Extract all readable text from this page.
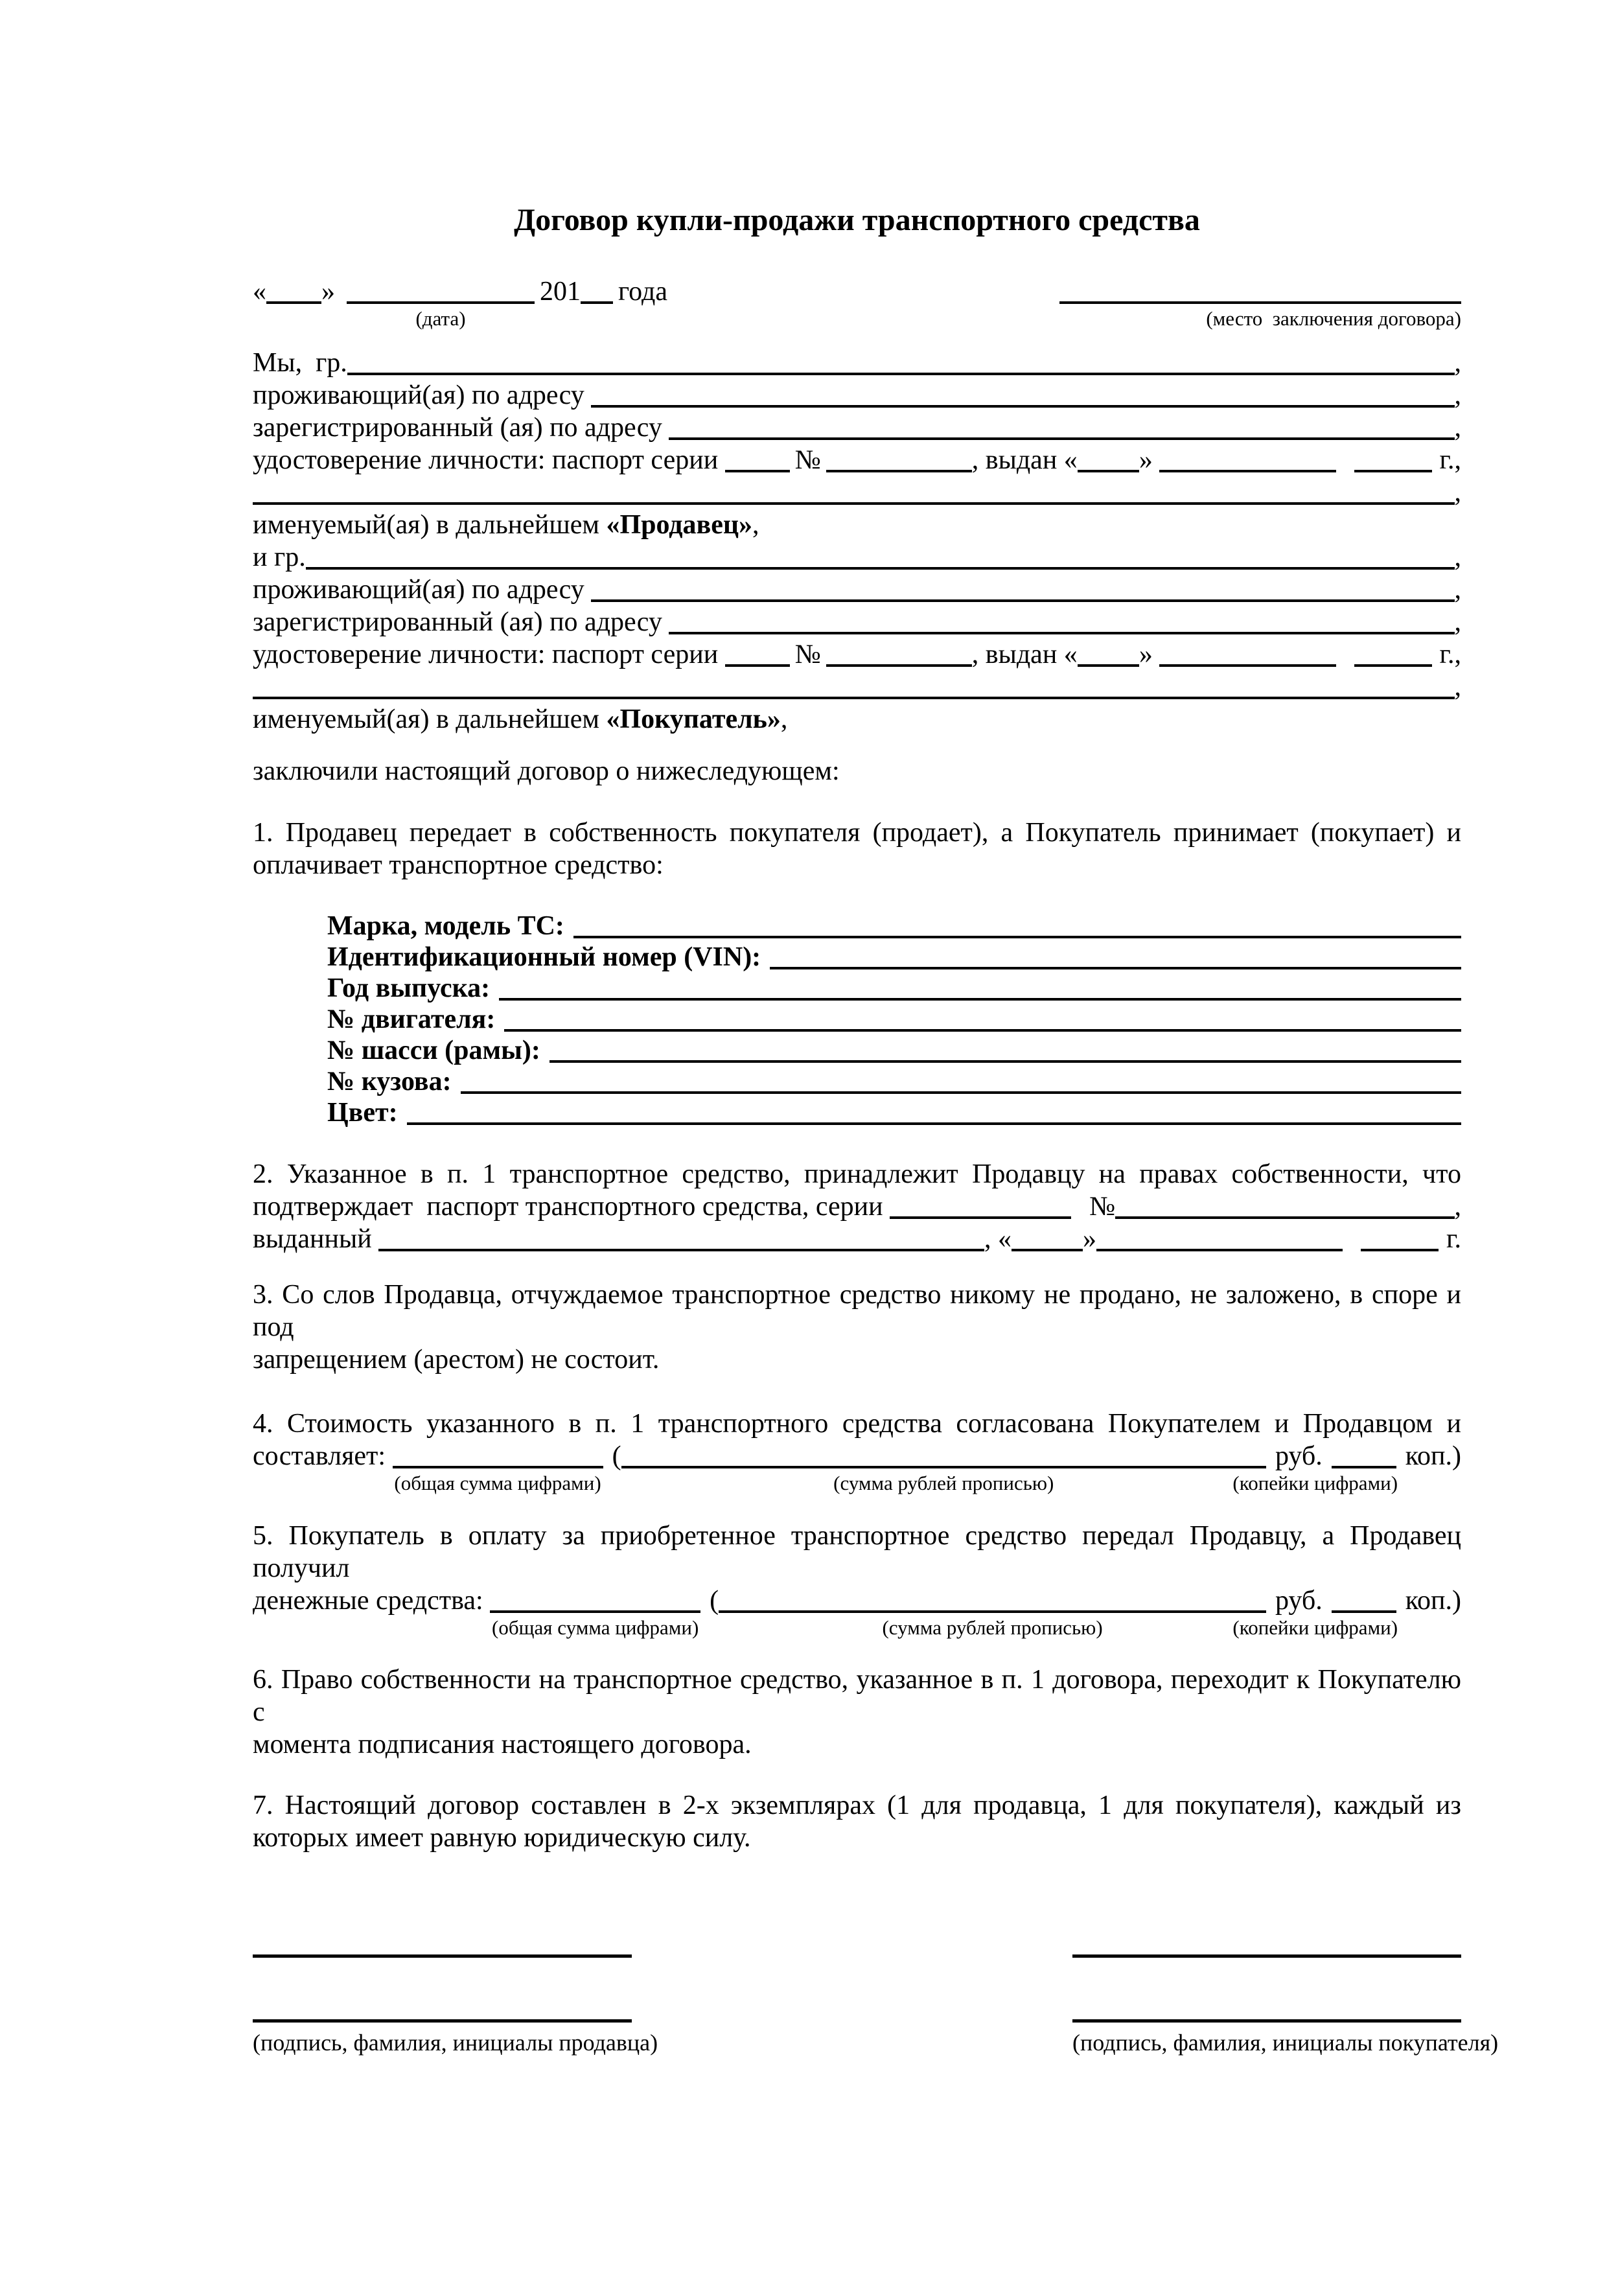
Договор купли-продажи транспортного средства
« »
(дата)
201 года
(место  заключения договора)
Мы,  гр.	,
проживающий(ая) по адресу	,
зарегистрированный (ая) по адресу	,
удостоверение личности: паспорт серии	№	, выдан « »	г.,
,
именуемый(ая) в дальнейшем «Продавец» ,
и гр.	,
проживающий(ая) по адресу	,
зарегистрированный (ая) по адресу	,
удостоверение личности: паспорт серии	№	, выдан « »	г.,
,
именуемый(ая) в дальнейшем «Покупатель» ,
заключили настоящий договор о нижеследующем:
1. Продавец передает в собственность покупателя (продает), а Покупатель принимает (покупает) и
оплачивает транспортное средство:
Марка, модель ТС:
Идентификационный номер (VIN):
Год выпуска:
№ двигателя:
№ шасси (рамы):
№ кузова:
Цвет:
2. Указанное в п. 1 транспортное средство, принадлежит Продавцу на правах собственности, что
подтверждает  паспорт транспортного средства, серии	№	,
выданный	, «	»	г.
3. Со слов Продавца, отчуждаемое транспортное средство никому не продано, не заложено, в споре и под
запрещением (арестом) не состоит.
4. Стоимость указанного в п. 1 транспортного средства согласована Покупателем и Продавцом и
составляет:
(общая сумма цифрами)
(
(сумма рублей прописью)
руб.
(копейки цифрами)
коп.)
5. Покупатель в оплату за приобретенное транспортное средство передал Продавцу, а Продавец получил
денежные средства:
(общая сумма цифрами)
(
(сумма рублей прописью)
руб.
(копейки цифрами)
коп.)
6. Право собственности на транспортное средство, указанное в п. 1 договора, переходит к Покупателю с
момента подписания настоящего договора.
7. Настоящий договор составлен в 2-х экземплярах (1 для продавца, 1 для покупателя), каждый из
которых имеет равную юридическую силу.
(подпись, фамилия, инициалы продавца)	(подпись, фамилия, инициалы покупателя)
